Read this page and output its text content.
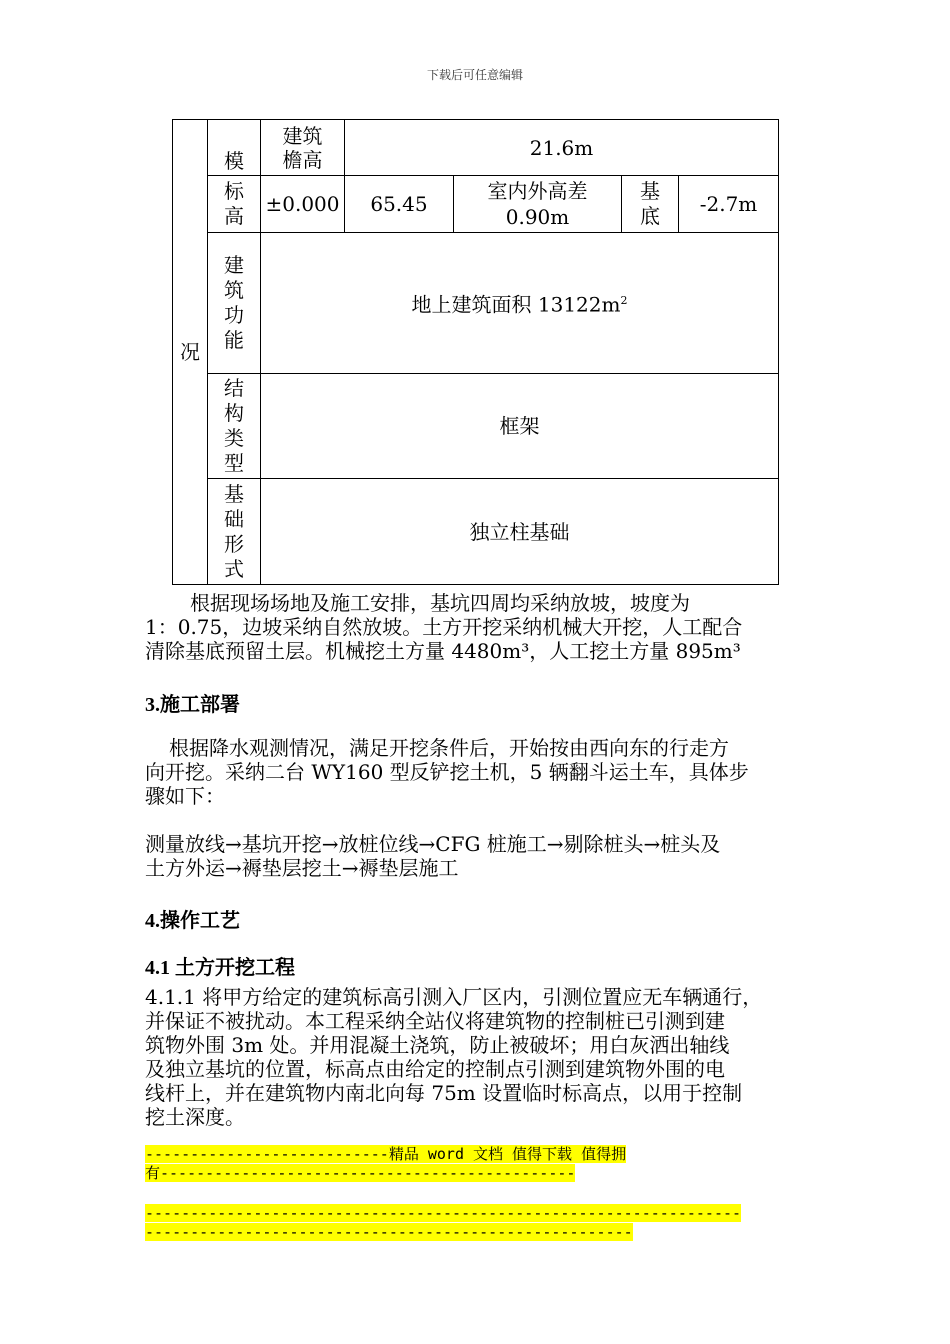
下载后可任意编辑
况	模	建筑檐高	21.6m			
	标高	±0.000	65.45	室内外高差0.90m	基底	-2.7m
	建筑功能	地上建筑面积 $13122m^2$
	结构类型	框架				
	基础形式	独立柱基础				
根据现场场地及施工安排，基坑四周均采纳放坡，坡度为
1：0.75，边坡采纳自然放坡。土方开挖采纳机械大开挖，人工配合
清除基底预留土层。机械挖土方量 4480m³，人工挖土方量 895m³
3.施工部署
根据降水观测情况，满足开挖条件后，开始按由西向东的行走方
向开挖。采纳二台 WY160 型反铲挖土机，5 辆翻斗运土车，具体步
骤如下：
测量放线→基坑开挖→放桩位线→CFG 桩施工→剔除桩头→桩头及
土方外运→褥垫层挖土→褥垫层施工
4.操作工艺
4.1 土方开挖工程
4.1.1 将甲方给定的建筑标高引测入厂区内，引测位置应无车辆通行，
并保证不被扰动。本工程采纳全站仪将建筑物的控制桩已引测到建
筑物外围 3m 处。并用混凝土浇筑，防止被破坏；用白灰洒出轴线
及独立基坑的位置，标高点由给定的控制点引测到建筑物外围的电
线杆上，并在建筑物内南北向每 75m 设置临时标高点，以用于控制
挖土深度。
---------------------------精品 word 文档 值得下载 值得拥
有----------------------------------------------
------------------------------------------------------------------
------------------------------------------------------
